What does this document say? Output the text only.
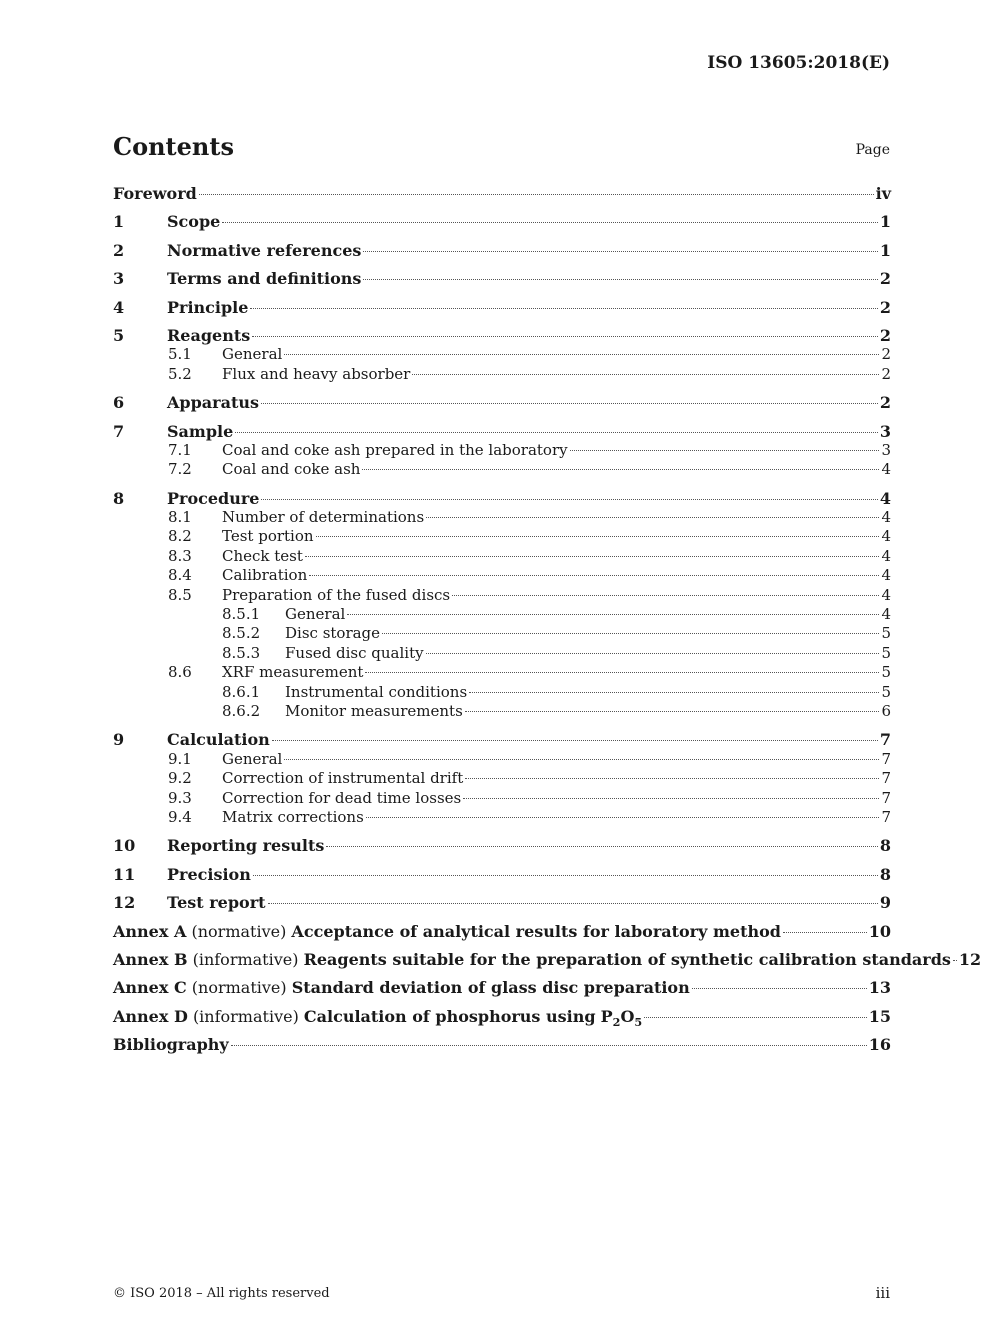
ISO 13605:2018(E)
Contents	Page
Foreword	iv
1	Scope	1
2	Normative references	1
3	Terms and definitions	2
4	Principle	2
5	Reagents	2
5.1	General	2
5.2	Flux and heavy absorber	2
6	Apparatus	2
7	Sample	3
7.1	Coal and coke ash prepared in the laboratory	3
7.2	Coal and coke ash	4
8	Procedure	4
8.1	Number of determinations	4
8.2	Test portion	4
8.3	Check test	4
8.4	Calibration	4
8.5	Preparation of the fused discs	4
8.5.1	General	4
8.5.2	Disc storage	5
8.5.3	Fused disc quality	5
8.6	XRF measurement	5
8.6.1	Instrumental conditions	5
8.6.2	Monitor measurements	6
9	Calculation	7
9.1	General	7
9.2	Correction of instrumental drift	7
9.3	Correction for dead time losses	7
9.4	Matrix corrections	7
10	Reporting results	8
11	Precision	8
12	Test report	9
Annex A (normative) Acceptance of analytical results for laboratory method	10
Annex B (informative) Reagents suitable for the preparation of synthetic calibration standards 12
Annex C (normative) Standard deviation of glass disc preparation	13
Annex D (informative) Calculation of phosphorus using $P_2O_5$	15
Bibliography	16
© ISO 2018 – All rights reserved	iii
